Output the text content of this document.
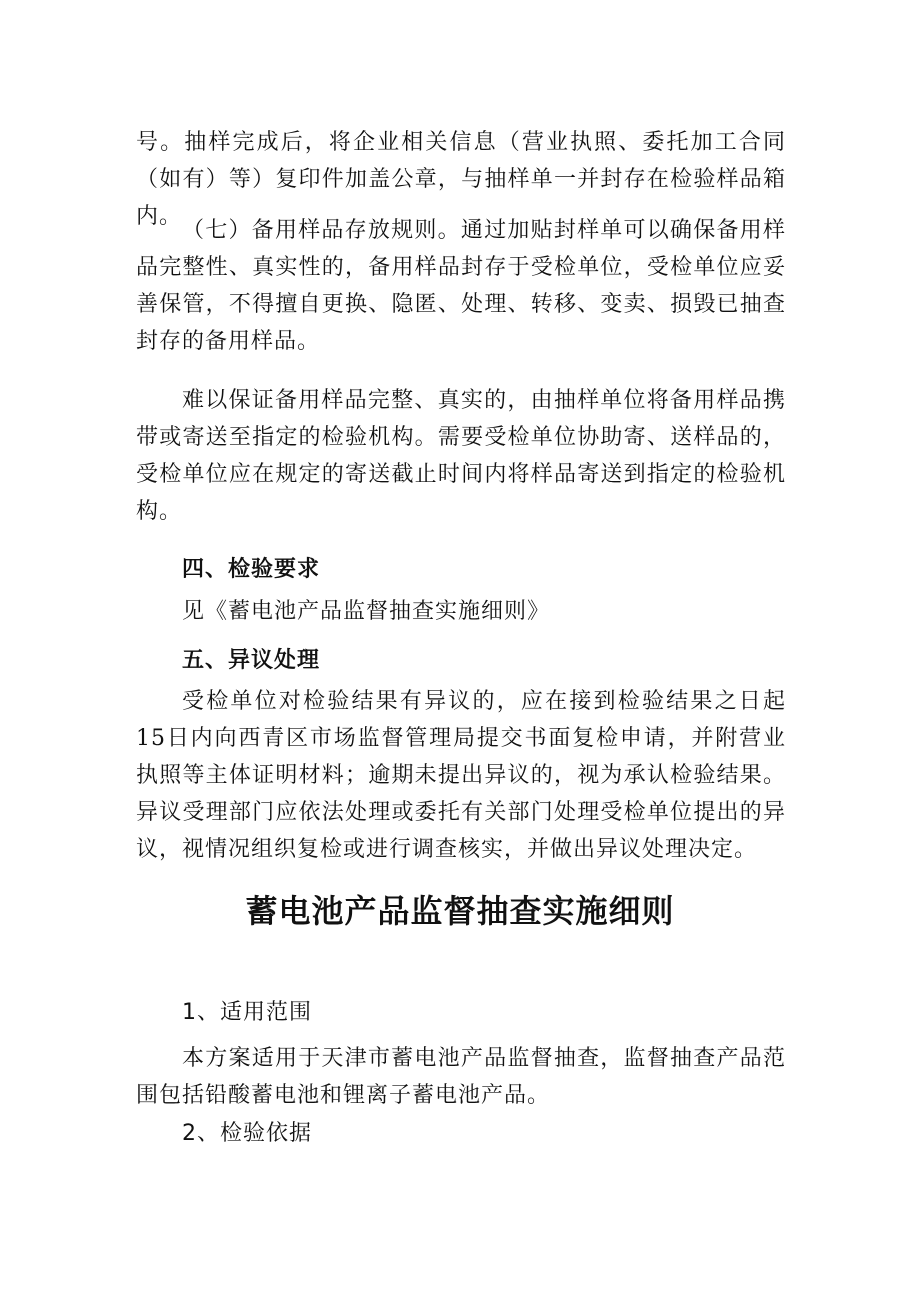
号。抽样完成后，将企业相关信息（营业执照、委托加工合同（如有）等）复印件加盖公章，与抽样单一并封存在检验样品箱内。

（七）备用样品存放规则。通过加贴封样单可以确保备用样品完整性、真实性的，备用样品封存于受检单位，受检单位应妥善保管，不得擅自更换、隐匿、处理、转移、变卖、损毁已抽查封存的备用样品。

难以保证备用样品完整、真实的，由抽样单位将备用样品携带或寄送至指定的检验机构。需要受检单位协助寄、送样品的，受检单位应在规定的寄送截止时间内将样品寄送到指定的检验机构。

四、检验要求

见《蓄电池产品监督抽查实施细则》

五、异议处理

受检单位对检验结果有异议的，应在接到检验结果之日起15日内向西青区市场监督管理局提交书面复检申请，并附营业执照等主体证明材料；逾期未提出异议的，视为承认检验结果。异议受理部门应依法处理或委托有关部门处理受检单位提出的异议，视情况组织复检或进行调查核实，并做出异议处理决定。

蓄电池产品监督抽查实施细则
1、适用范围

本方案适用于天津市蓄电池产品监督抽查，监督抽查产品范围包括铅酸蓄电池和锂离子蓄电池产品。

2、检验依据
